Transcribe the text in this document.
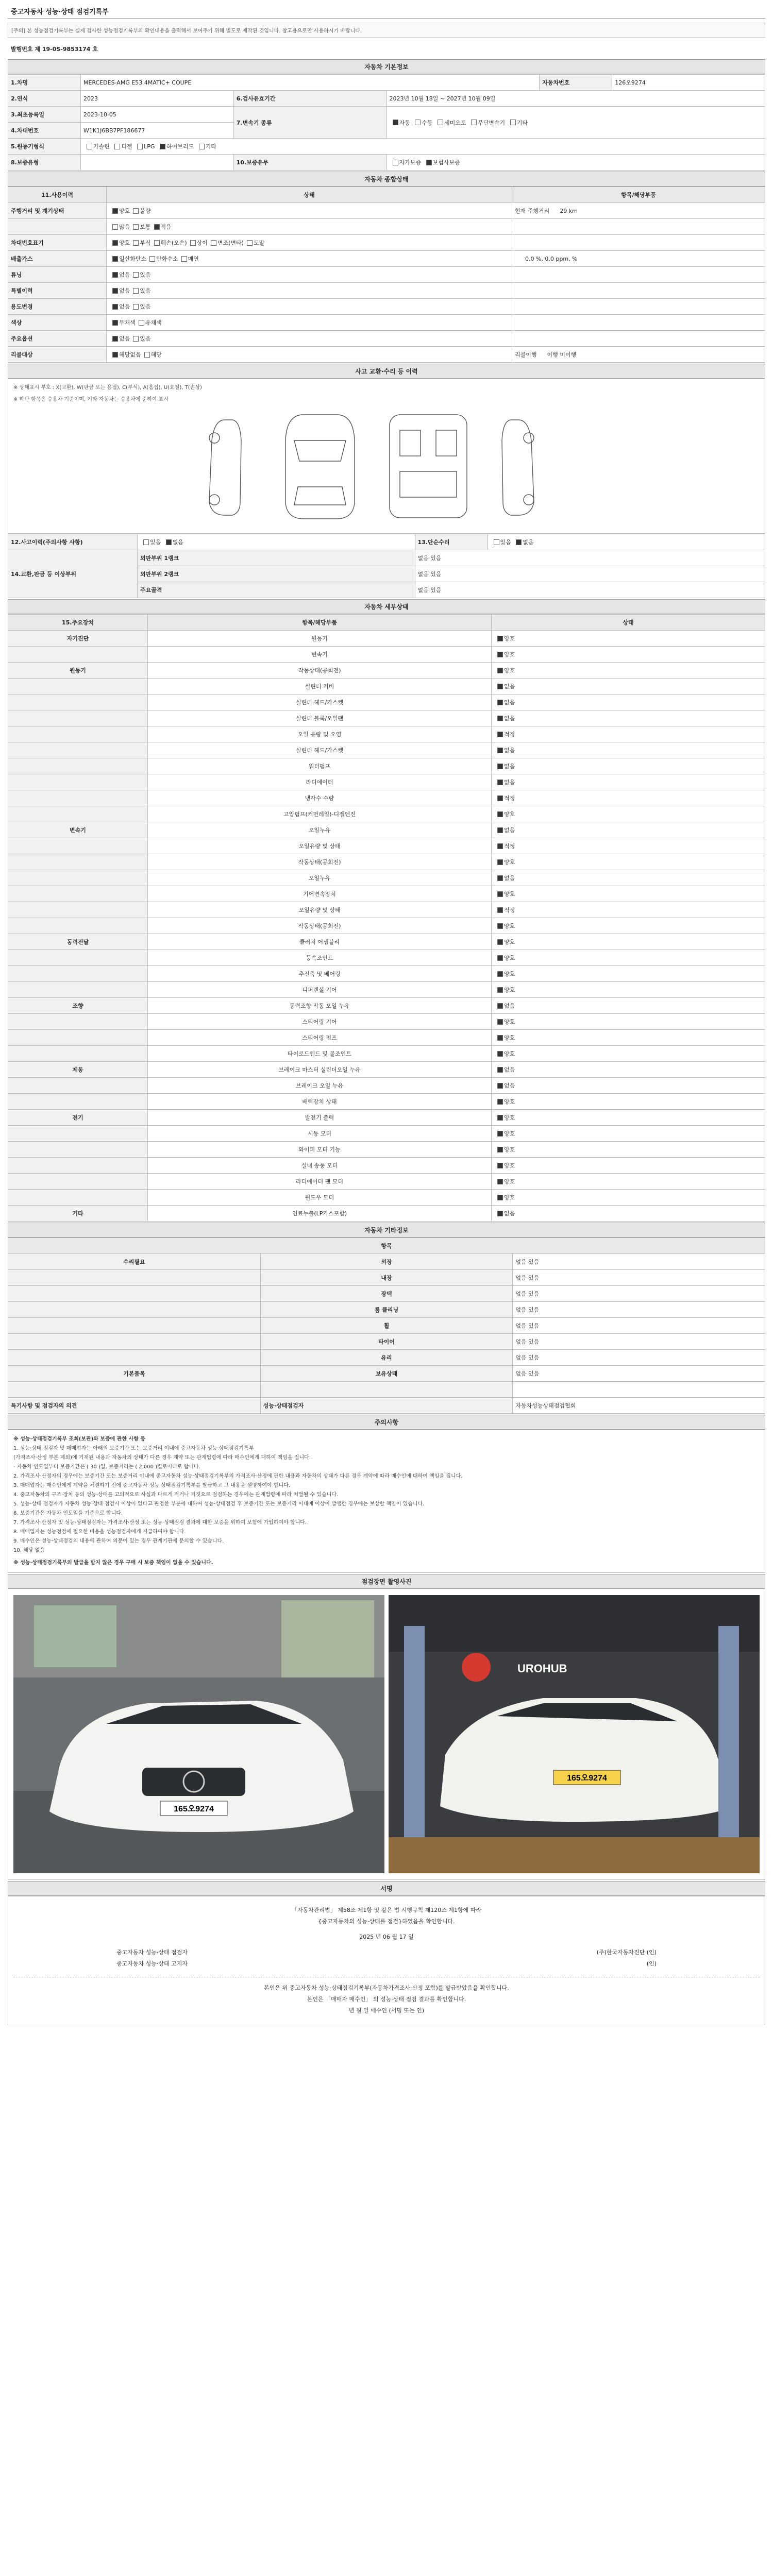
중고자동차 성능·상태 점검기록부
[주의] 본 성능점검기록부는 실제 검사한 성능점검기록부의 확인내용을 출력해서 보여주기 위해 별도로 제작된 것입니다. 참고용으로만 사용하시기 바랍니다.
발행번호 제 19-0S-9853174 호
자동차 기본정보
1.차명	MERCEDES-AMG E53 4MATIC+ COUPE			자동차번호	126오9274
2.연식	2023	6.검사유효기간	2023년 10월 18일 ~ 2027년 10월 09일		
3.최초등록일	2023-10-05	7.변속기 종류	자동 수동 세미오토 무단변속기 기타		
4.차대번호	W1K1J6BB7PF186677				
5.원동기형식	가솔린 디젤 LPG 하이브리드 기타				
8.보증유형		10.보증유무	자가보증 보험사보증		
자동차 종합상태
11.사용이력	상태	항목/해당부품
주행거리 및 계기상태	양호 불량	현재 주행거리 29 km
	많음 보통 적음	
차대번호표기	양호 부식 훼손(오손) 상이 변조(변타) 도말	
배출가스	일산화탄소 탄화수소 매연	0.0 %, 0.0 ppm, %
튜닝	없음 있음	
특별이력	없음 있음	
용도변경	없음 있음	
색상	무채색 유채색	
주요옵션	없음 있음	
리콜대상	해당없음 해당	리콜이행 이행 미이행
사고 교환·수리 등 이력
※ 상태표시 부호 : X(교환), W(판금 또는 용접), C(부식), A(흠집), U(요철), T(손상)
※ 하단 항목은 승용차 기준이며, 기타 자동차는 승용차에 준하여 표시
12.사고이력(주의사항 사항)	있음 없음	13.단순수리	있음 없음
14.교환,판금 등 이상부위	외판부위 1랭크	없음 있음	
	외판부위 2랭크	없음 있음	
	주요골격	없음 있음	
자동차 세부상태
15.주요장치	항목/해당부품	상태
자기진단	원동기	양호
	변속기	양호
원동기	작동상태(공회전)	양호
	실린더 커버	없음
	실린더 헤드/가스켓	없음
	실린더 블록/오일팬	없음
	오일 유량 및 오염	적정
	실린더 헤드/가스켓	없음
	워터펌프	없음
	라디에이터	없음
	냉각수 수량	적정
	고압펌프(커먼레일)-디젤엔진	양호
변속기	오일누유	없음
	오일유량 및 상태	적정
	작동상태(공회전)	양호
	오일누유	없음
	기어변속장치	양호
	오일유량 및 상태	적정
	작동상태(공회전)	양호
동력전달	클러치 어셈블리	양호
	등속조인트	양호
	추진축 및 베어링	양호
	디퍼렌셜 기어	양호
조향	동력조향 작동 오일 누유	없음
	스티어링 기어	양호
	스티어링 펌프	양호
	타이로드엔드 및 볼조인트	양호
제동	브레이크 마스터 실린더오일 누유	없음
	브레이크 오일 누유	없음
	배력장치 상태	양호
전기	발전기 출력	양호
	시동 모터	양호
	와이퍼 모터 기능	양호
	실내 송풍 모터	양호
	라디에이터 팬 모터	양호
	윈도우 모터	양호
기타	연료누출(LP가스포함)	없음
자동차 기타정보
항목		
수리필요	외장	없음 있음
	내장	없음 있음
	광택	없음 있음
	룸 클리닝	없음 있음
	휠	없음 있음
	타이어	없음 있음
	유리	없음 있음
기본품목	보유상태	없음 있음

특기사항 및 점검자의 의견	성능·상태점검자	자동차성능상태점검협회
주의사항

※ 성능·상태점검기록부 조회(보관)와 보증에 관한 사항 등

1. 성능·상태 점검자 및 매매업자는 아래의 보증기간 또는 보증거리 이내에 중고자동차 성능·상태점검기록부

(가격조사·산정 부분 제외)에 기재된 내용과 자동차의 상태가 다른 경우 계약 또는 관계법령에 따라 매수인에게 대하여 책임을 집니다.

- 자동차 인도일부터 보증기간은 ( 30 )일, 보증거리는 ( 2,000 )킬로미터로 합니다.

2. 가격조사·산정자의 경우에는 보증기간 또는 보증거리 이내에 중고자동차 성능·상태점검기록부의 가격조사·산정에 관한 내용과 자동차의 상태가 다른 경우 계약에 따라 매수인에 대하여 책임을 집니다.

3. 매매업자는 매수인에게 계약을 체결하기 전에 중고자동차 성능·상태점검기록부를 발급하고 그 내용을 설명하여야 합니다.

4. 중고자동차의 구조·장치 등의 성능·상태를 고의적으로 사실과 다르게 적거나 거짓으로 점검하는 경우에는 관계법령에 따라 처벌될 수 있습니다.

5. 성능·상태 점검자가 자동차 성능·상태 점검시 이상이 없다고 판정한 부분에 대하여 성능·상태점검 후 보증기간 또는 보증거리 이내에 이상이 발생한 경우에는 보상할 책임이 있습니다.

6. 보증기간은 자동차 인도일을 기준으로 합니다.

7. 가격조사·산정자 및 성능·상태점검자는 가격조사·산정 또는 성능·상태점검 결과에 대한 보증을 위하여 보험에 가입하여야 합니다.

8. 매매업자는 성능점검에 필요한 비용을 성능점검자에게 지급하여야 합니다.

9. 매수인은 성능·상태점검의 내용에 관하여 의문이 있는 경우 관계기관에 문의할 수 있습니다.

10. 해당 없음

※ 성능·상태점검기록부의 발급을 받지 않은 경우 구매 시 보증 책임이 없을 수 있습니다.

점검장면 촬영사진
165오9274
UROHUB
165오9274
서명
「자동차관리법」 제58조 제1항 및 같은 법 시행규칙 제120조 제1항에 따라
{중고자동차의 성능·상태를 점검}하였음을 확인합니다.
2025 년 06 월 17 일
중고자동차 성능·상태 점검자	(주)한국자동차진단 (인)
중고자동차 성능·상태 고지자	(인)
본인은 위 중고자동차 성능·상태점검기록부(자동차가격조사·산정 포함)를 발급받았음을 확인합니다.
본인은 「매매자 매수인」 의 성능·상태 점검 결과를 확인합니다.
년 월 일 매수인 (서명 또는 인)
